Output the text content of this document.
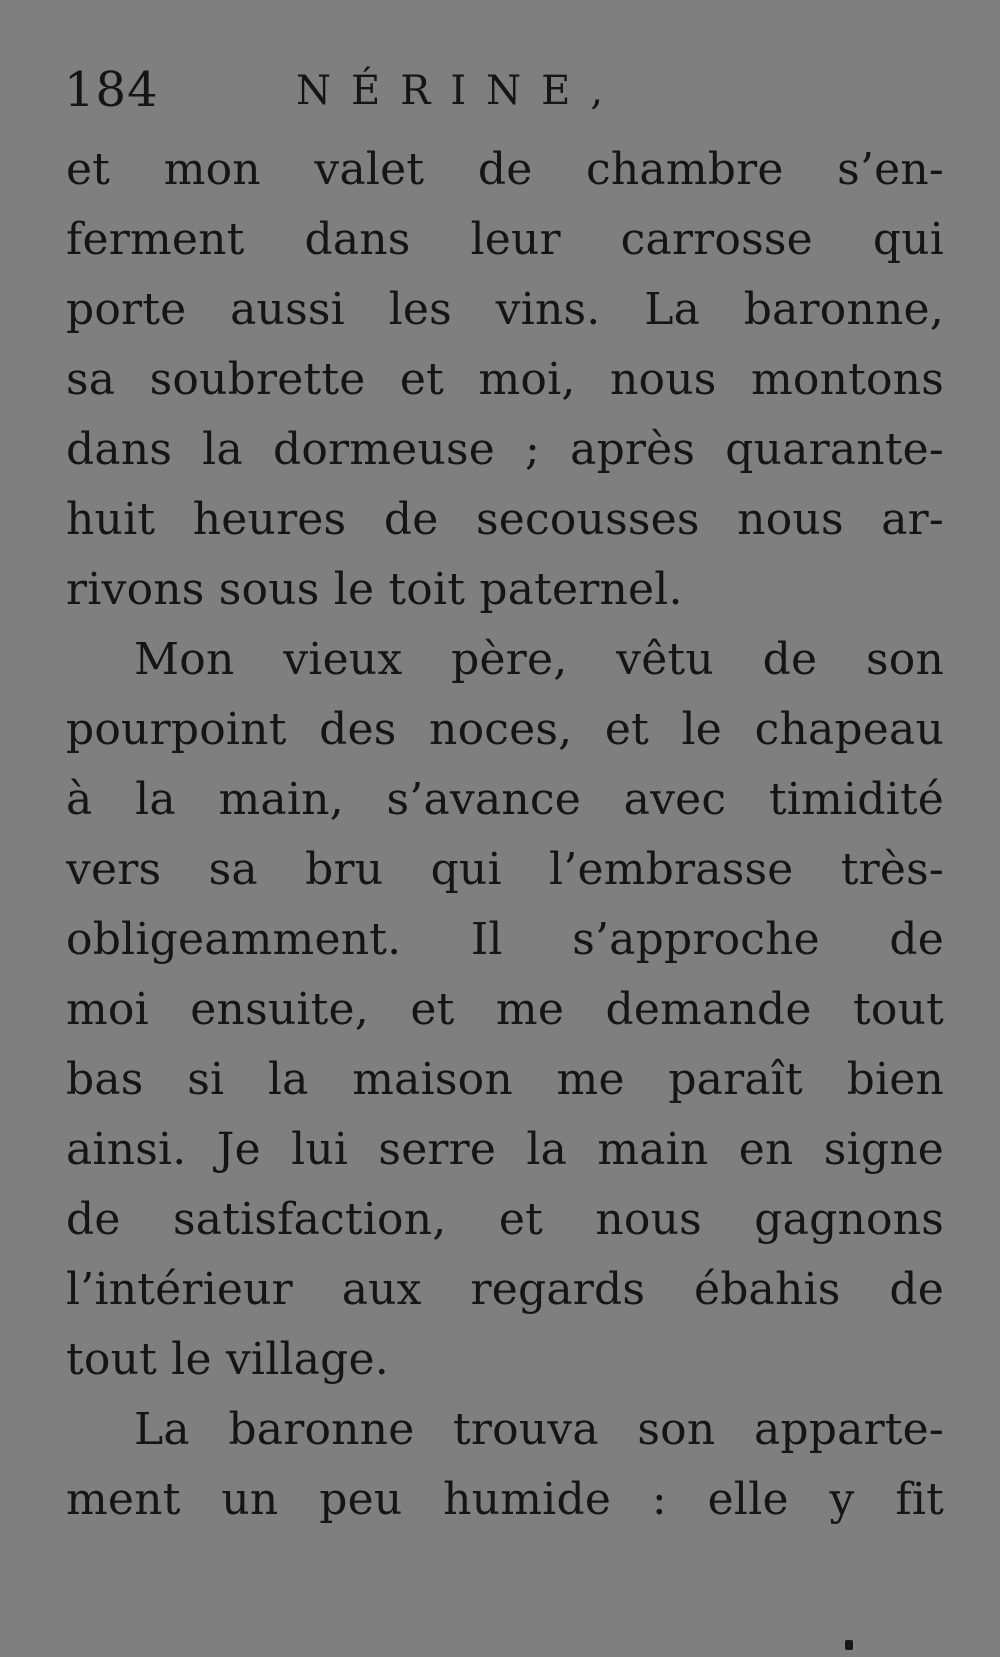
184	NÉRINE,
et mon valet de chambre s’en-
ferment dans leur carrosse qui
porte aussi les vins. La baronne,
sa soubrette et moi, nous montons
dans la dormeuse ; après quarante-
huit heures de secousses nous ar-
rivons sous le toit paternel.
Mon vieux père, vêtu de son
pourpoint des noces, et le chapeau
à la main, s’avance avec timidité
vers sa bru qui l’embrasse très-
obligeamment. Il s’approche de
moi ensuite, et me demande tout
bas si la maison me paraît bien
ainsi. Je lui serre la main en signe
de satisfaction, et nous gagnons
l’intérieur aux regards ébahis de
tout le village.
La baronne trouva son apparte-
ment un peu humide : elle y fit
